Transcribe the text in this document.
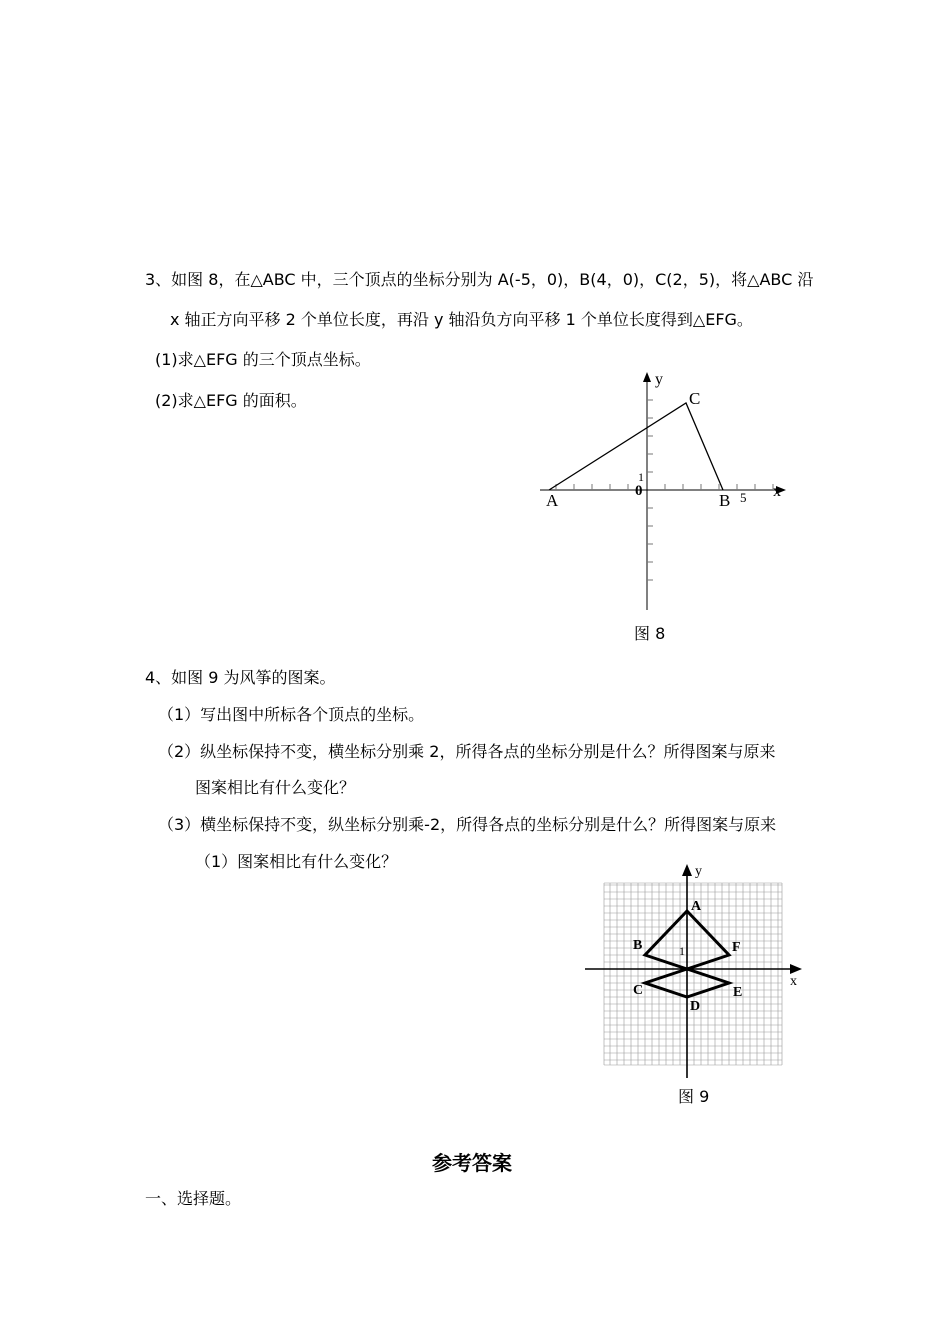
3、如图 8，在△ABC 中，三个顶点的坐标分别为 A(-5，0)，B(4，0)，C(2，5)，将△ABC 沿
x 轴正方向平移 2 个单位长度，再沿 y 轴沿负方向平移 1 个单位长度得到△EFG。
(1)求△EFG 的三个顶点坐标。
(2)求△EFG 的面积。
y
x
C
A	B
0
1
5
图 8
4、如图 9 为风筝的图案。
（1）写出图中所标各个顶点的坐标。
（2）纵坐标保持不变，横坐标分别乘 2，所得各点的坐标分别是什么？所得图案与原来
图案相比有什么变化？
（3）横坐标保持不变，纵坐标分别乘-2，所得各点的坐标分别是什么？所得图案与原来
（1）图案相比有什么变化？
y
x
A
B	F
C	E
D
1
图 9
参考答案
一、选择题。
